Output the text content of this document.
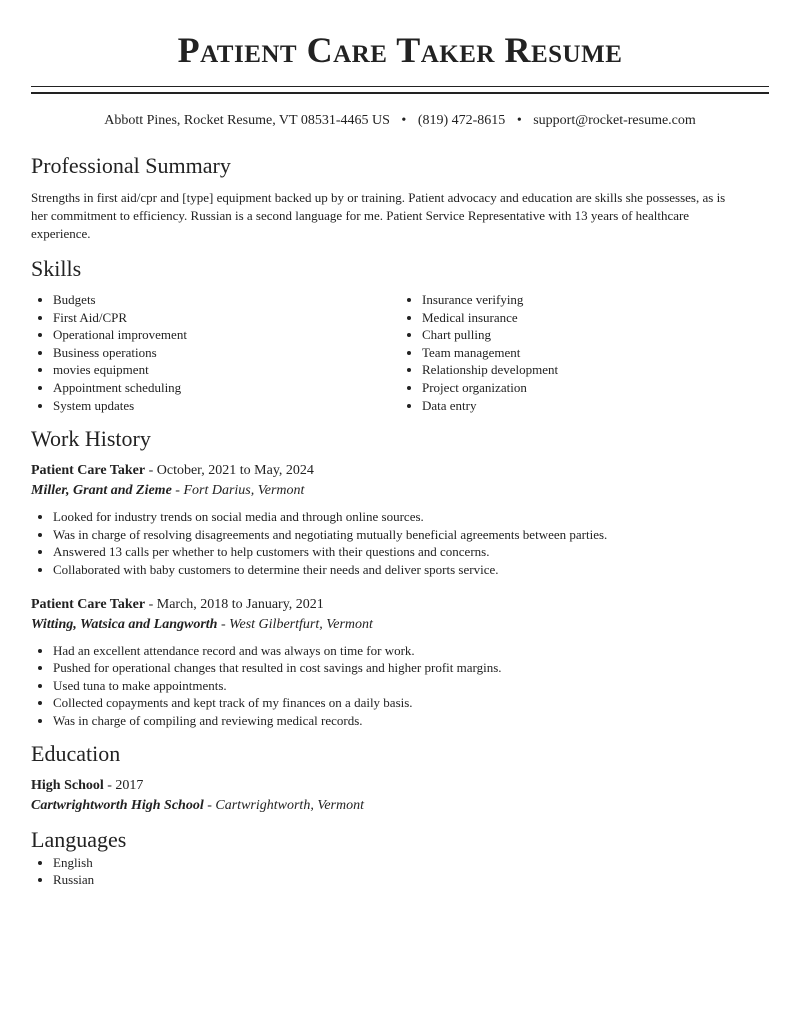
Patient Care Taker Resume
Abbott Pines, Rocket Resume, VT 08531-4465 US • (819) 472-8615 • support@rocket-resume.com
Professional Summary
Strengths in first aid/cpr and [type] equipment backed up by or training. Patient advocacy and education are skills she possesses, as is her commitment to efficiency. Russian is a second language for me. Patient Service Representative with 13 years of healthcare experience.
Skills
• Budgets
• First Aid/CPR
• Operational improvement
• Business operations
• movies equipment
• Appointment scheduling
• System updates
• Insurance verifying
• Medical insurance
• Chart pulling
• Team management
• Relationship development
• Project organization
• Data entry
Work History
Patient Care Taker - October, 2021 to May, 2024
Miller, Grant and Zieme - Fort Darius, Vermont
• Looked for industry trends on social media and through online sources.
• Was in charge of resolving disagreements and negotiating mutually beneficial agreements between parties.
• Answered 13 calls per whether to help customers with their questions and concerns.
• Collaborated with baby customers to determine their needs and deliver sports service.
Patient Care Taker - March, 2018 to January, 2021
Witting, Watsica and Langworth - West Gilbertfurt, Vermont
• Had an excellent attendance record and was always on time for work.
• Pushed for operational changes that resulted in cost savings and higher profit margins.
• Used tuna to make appointments.
• Collected copayments and kept track of my finances on a daily basis.
• Was in charge of compiling and reviewing medical records.
Education
High School - 2017
Cartwrightworth High School - Cartwrightworth, Vermont
Languages
• English
• Russian
